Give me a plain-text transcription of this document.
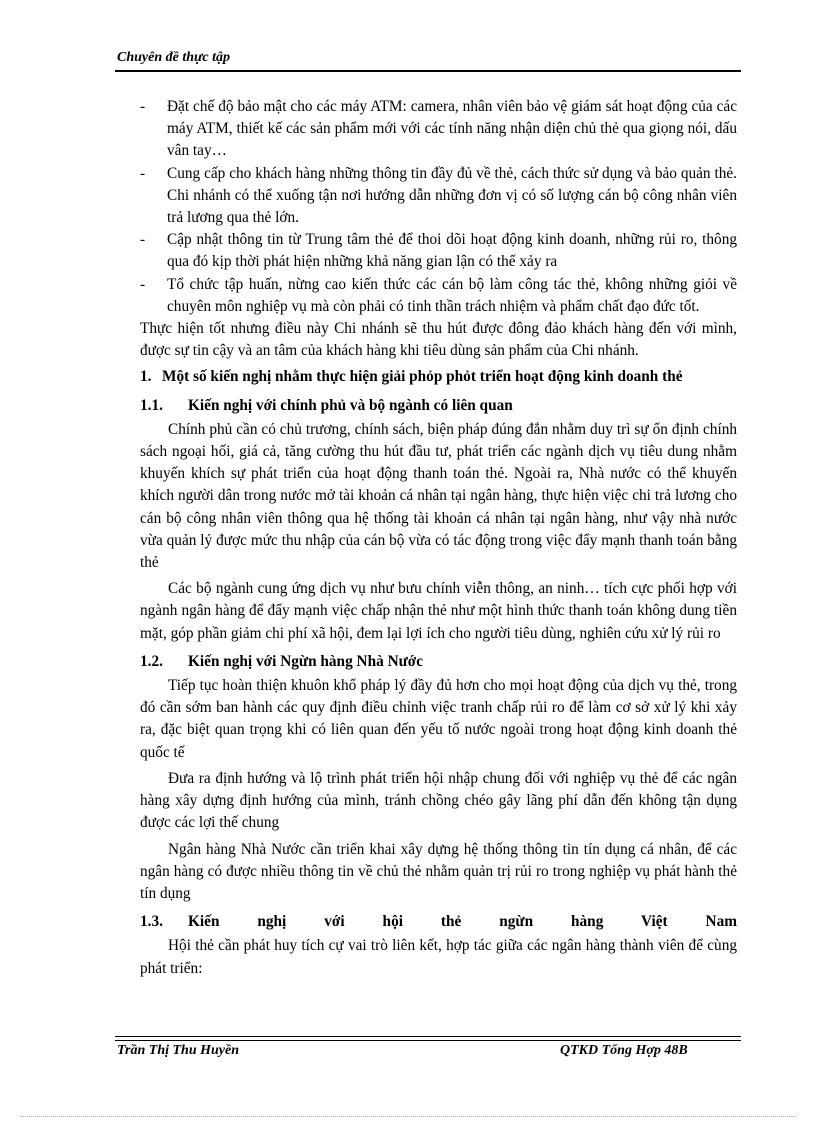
Chuyên đề thực tập
- Đặt chế độ bảo mật cho các máy ATM: camera, nhân viên bảo vệ giám sát hoạt động của các máy ATM, thiết kế các sản phẩm mới với các tính năng nhận diện chủ thẻ qua giọng nói, dấu vân tay…
- Cung cấp cho khách hàng những thông tin đầy đủ về thẻ, cách thức sử dụng và bảo quản thẻ. Chi nhánh có thể xuống tận nơi hướng dẫn những đơn vị có số lượng cán bộ công nhân viên trả lương qua thẻ lớn.
- Cập nhật thông tin từ Trung tâm thẻ để thoi dõi hoạt động kinh doanh, những rủi ro, thông qua đó kịp thời phát hiện những khả năng gian lận có thể xảy ra
- Tổ chức tập huấn, nừng cao kiến thức các cán bộ làm công tác thẻ, không những giỏi về chuyên môn nghiệp vụ mà còn phải có tinh thần trách nhiệm và phẩm chất đạo đức tốt.

Thực hiện tốt nhưng điều này Chi nhánh sẽ thu hút được đông đảo khách hàng đến với mình, được sự tin cậy và an tâm của khách hàng khi tiêu dùng sản phẩm của Chi nhánh.

1. Một số kiến nghị nhằm thực hiện giải phỏp phỏt triển hoạt động kinh doanh thẻ
1.1.	Kiến nghị với chính phủ và bộ ngành có liên quan

Chính phủ cần có chủ trương, chính sách, biện pháp đúng đắn nhằm duy trì sự ổn định chính sách ngoại hối, giá cả, tăng cường thu hút đầu tư, phát triển các ngành dịch vụ tiêu dung nhằm khuyến khích sự phát triển của hoạt động thanh toán thẻ. Ngoài ra, Nhà nước có thể khuyến khích người dân trong nước mở tài khoản cá nhân tại ngân hàng, thực hiện việc chi trả lương cho cán bộ công nhân viên thông qua hệ thống tài khoản cá nhân tại ngân hàng, như vậy nhà nước vừa quản lý được mức thu nhập của cán bộ vừa có tác động trong việc đẩy mạnh thanh toán bằng thẻ

Các bộ ngành cung ứng dịch vụ như bưu chính viễn thông, an ninh… tích cực phối hợp với ngành ngân hàng để đẩy mạnh việc chấp nhận thẻ như một hình thức thanh toán không dung tiền mặt, góp phần giảm chi phí xã hội, đem lại lợi ích cho người tiêu dùng, nghiên cứu xử lý rủi ro

1.2.	Kiến nghị với Ngừn hàng Nhà Nước

Tiếp tục hoàn thiện khuôn khổ pháp lý đầy đủ hơn cho mọi hoạt động của dịch vụ thẻ, trong đó cần sớm ban hành các quy định điều chỉnh việc tranh chấp rủi ro để làm cơ sở xử lý khi xảy ra, đặc biệt quan trọng khi có liên quan đến yếu tố nước ngoài trong hoạt động kinh doanh thẻ quốc tế

Đưa ra định hướng và lộ trình phát triển hội nhập chung đối với nghiệp vụ thẻ để các ngân hàng xây dựng định hướng của mình, tránh chồng chéo gây lãng phí dẫn đến không tận dụng được các lợi thế chung

Ngân hàng Nhà Nước cần triển khai xây dựng hệ thống thông tin tín dụng cá nhân, để các ngân hàng có được nhiều thông tin về chủ thẻ nhằm quản trị rủi ro trong nghiệp vụ phát hành thẻ tín dụng

1.3.	Kiến nghị với hội thẻ ngừn hàng Việt Nam

Hội thẻ cần phát huy tích cự vai trò liên kết, hợp tác giữa các ngân hàng thành viên để cùng phát triển:

Trần Thị Thu Huyền	QTKD Tổng Hợp 48B
